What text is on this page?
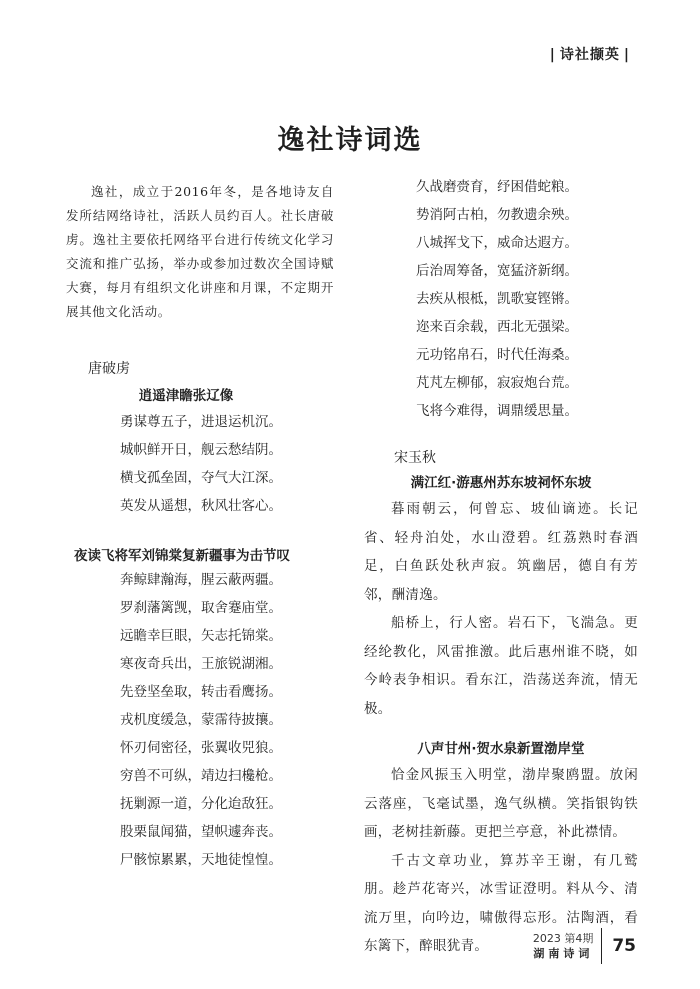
| 诗社撷英 |
逸社诗词选

逸社，成立于2016年冬，是各地诗友自发所结网络诗社，活跃人员约百人。社长唐破虏。逸社主要依托网络平台进行传统文化学习交流和推广弘扬，举办或参加过数次全国诗赋大赛，每月有组织文化讲座和月课，不定期开展其他文化活动。

唐破虏
逍遥津瞻张辽像
勇谋尊五子，进退运机沉。
城帜鲜开日，舰云愁结阴。
横戈孤垒固，夺气大江深。
英发从遥想，秋风壮客心。
夜读飞将军刘锦棠复新疆事为击节叹
奔鲸肆瀚海，腥云蔽两疆。
罗刹藩篱觊，取舍蹇庙堂。
远瞻幸巨眼，矢志托锦棠。
寒夜奇兵出，王旅锐湖湘。
先登坚垒取，转击看鹰扬。
戎机度缓急，蒙霈待披攘。
怀刃伺密径，张翼收兕狼。
穷兽不可纵，靖边扫欃枪。
抚剿源一道，分化迨敌狂。
股栗鼠闻猫，望帜遽奔丧。
尸骸惊累累，天地徒惶惶。
久战磨赍育，纾困借蛇粮。
势消阿古柏，勿教遗余殃。
八城挥戈下，威命达遐方。
后治周筹备，宽猛济新纲。
去疾从根柢，凯歌宴铿锵。
迩来百余载，西北无强梁。
元功铭帛石，时代任海桑。
芃芃左柳郁，寂寂炮台荒。
飞将今难得，调鼎缓思量。
宋玉秋
满江红·游惠州苏东坡祠怀东坡

暮雨朝云，何曾忘、坡仙谪迹。长记省、轻舟泊处，水山澄碧。红荔熟时春酒足，白鱼跃处秋声寂。筑幽居，德自有芳邻，酬清逸。

船桥上，行人密。岩石下，飞湍急。更经纶教化，风雷推激。此后惠州谁不晓，如今岭表争相识。看东江，浩荡送奔流，情无极。

八声甘州·贺水泉新置渤岸堂

恰金风振玉入明堂，渤岸聚鸥盟。放闲云落座，飞毫试墨，逸气纵横。笑指银钩铁画，老树挂新藤。更把兰亭意，补此襟情。

千古文章功业，算苏辛王谢，有几鹫朋。趁芦花寄兴，冰雪证澄明。料从今、清流万里，向吟边，啸傲得忘形。沽陶酒，看东篱下，醉眼犹青。	2023 第4期
湖南诗词 75
